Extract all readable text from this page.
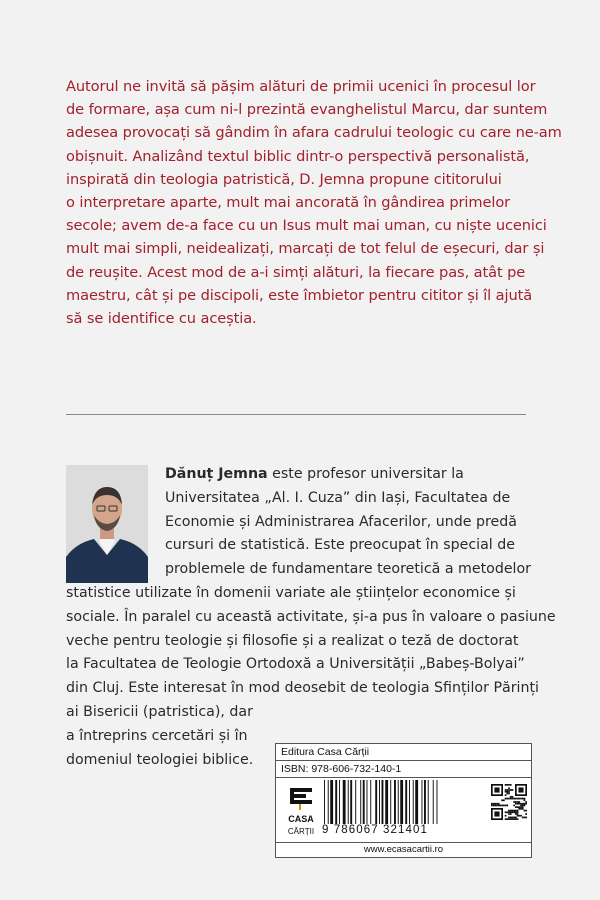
Autorul ne invită să pășim alături de primii ucenici în procesul lor

de formare, așa cum ni-l prezintă evanghelistul Marcu, dar suntem

adesea provocați să gândim în afara cadrului teologic cu care ne-am

obișnuit. Analizând textul biblic dintr-o perspectivă personalistă,

inspirată din teologia patristică, D. Jemna propune cititorului

o interpretare aparte, mult mai ancorată în gândirea primelor

secole; avem de-a face cu un Isus mult mai uman, cu niște ucenici

mult mai simpli, neidealizați, marcați de tot felul de eșecuri, dar și

de reușite. Acest mod de a-i simți alături, la fiecare pas, atât pe

maestru, cât și pe discipoli, este îmbietor pentru cititor și îl ajută

să se identifice cu aceștia.

Dănuț Jemna este profesor universitar la

Universitatea „Al. I. Cuza” din Iași, Facultatea de

Economie și Administrarea Afacerilor, unde predă

cursuri de statistică. Este preocupat în special de

problemele de fundamentare teoretică a metodelor

statistice utilizate în domenii variate ale științelor economice și

sociale. În paralel cu această activitate, și-a pus în valoare o pasiune

veche pentru teologie și filosofie și a realizat o teză de doctorat

la Facultatea de Teologie Ortodoxă a Universității „Babeș-Bolyai”

din Cluj. Este interesat în mod deosebit de teologia Sfinților Părinți

ai Bisericii (patristica), dar

a întreprins cercetări și în

domeniul teologiei biblice.	Editura Casa Cărții
ISBN: 978-606-732-140-1
CASA
CĂRȚII 9 786067 321401
www.ecasacartii.ro
